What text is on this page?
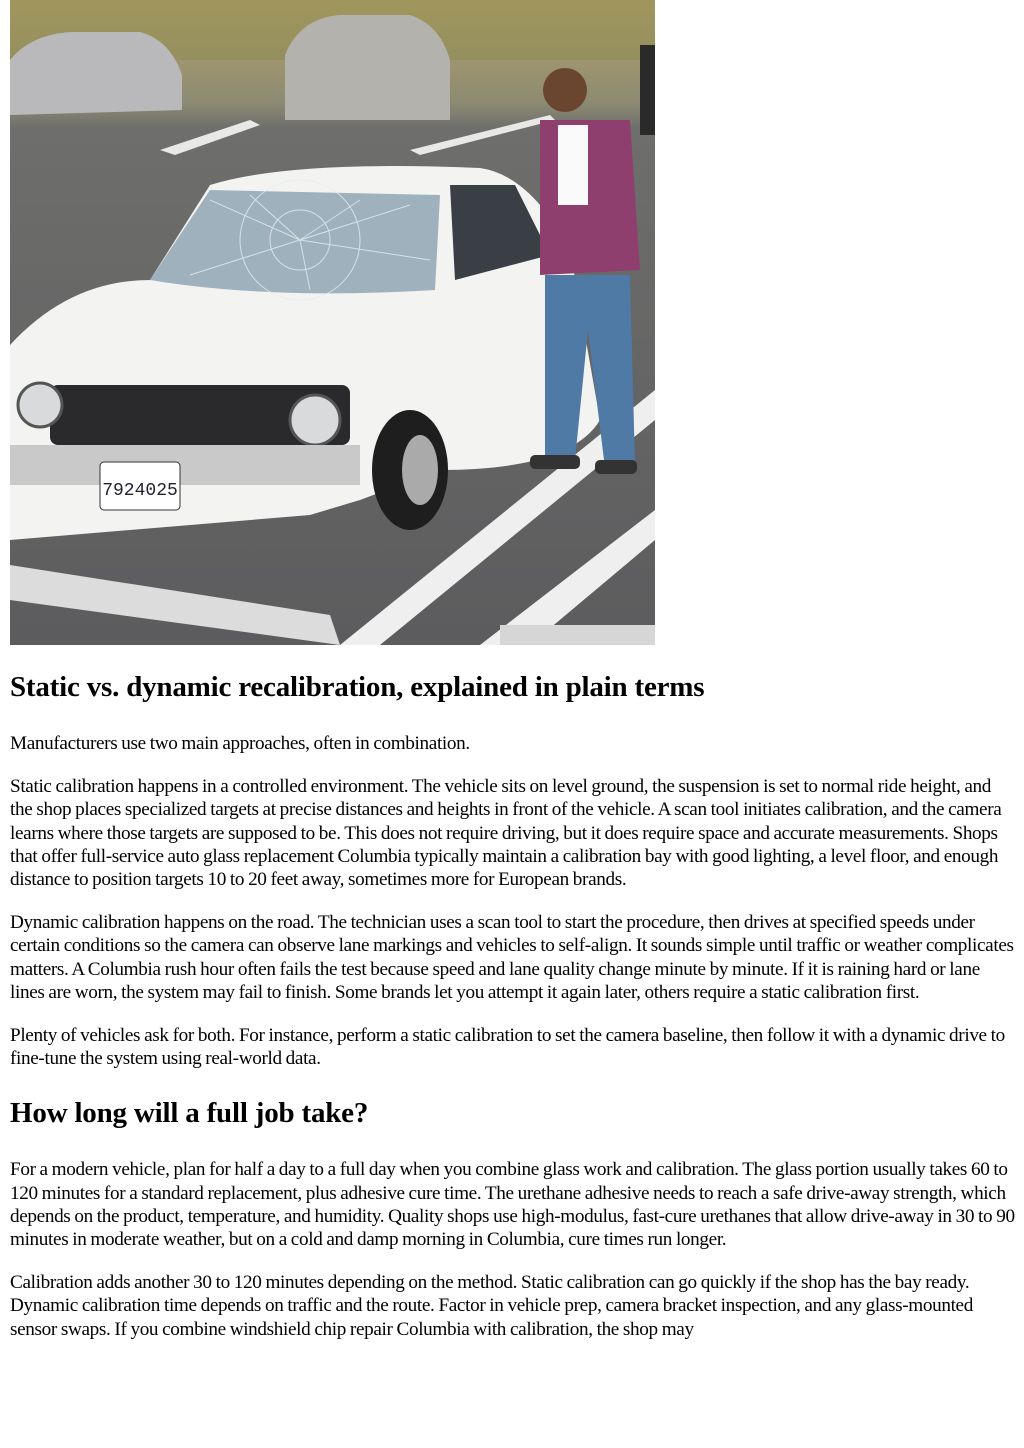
7924025
Static vs. dynamic recalibration, explained in plain terms

Manufacturers use two main approaches, often in combination.

Static calibration happens in a controlled environment. The vehicle sits on level ground, the suspension is set to normal ride height, and the shop places specialized targets at precise distances and heights in front of the vehicle. A scan tool initiates calibration, and the camera learns where those targets are supposed to be. This does not require driving, but it does require space and accurate measurements. Shops that offer full-service auto glass replacement Columbia typically maintain a calibration bay with good lighting, a level floor, and enough distance to position targets 10 to 20 feet away, sometimes more for European brands.

Dynamic calibration happens on the road. The technician uses a scan tool to start the procedure, then drives at specified speeds under certain conditions so the camera can observe lane markings and vehicles to self-align. It sounds simple until traffic or weather complicates matters. A Columbia rush hour often fails the test because speed and lane quality change minute by minute. If it is raining hard or lane lines are worn, the system may fail to finish. Some brands let you attempt it again later, others require a static calibration first.

Plenty of vehicles ask for both. For instance, perform a static calibration to set the camera baseline, then follow it with a dynamic drive to fine-tune the system using real-world data.

How long will a full job take?

For a modern vehicle, plan for half a day to a full day when you combine glass work and calibration. The glass portion usually takes 60 to 120 minutes for a standard replacement, plus adhesive cure time. The urethane adhesive needs to reach a safe drive-away strength, which depends on the product, temperature, and humidity. Quality shops use high-modulus, fast-cure urethanes that allow drive-away in 30 to 90 minutes in moderate weather, but on a cold and damp morning in Columbia, cure times run longer.

Calibration adds another 30 to 120 minutes depending on the method. Static calibration can go quickly if the shop has the bay ready. Dynamic calibration time depends on traffic and the route. Factor in vehicle prep, camera bracket inspection, and any glass-mounted sensor swaps. If you combine windshield chip repair Columbia with calibration, the shop may
